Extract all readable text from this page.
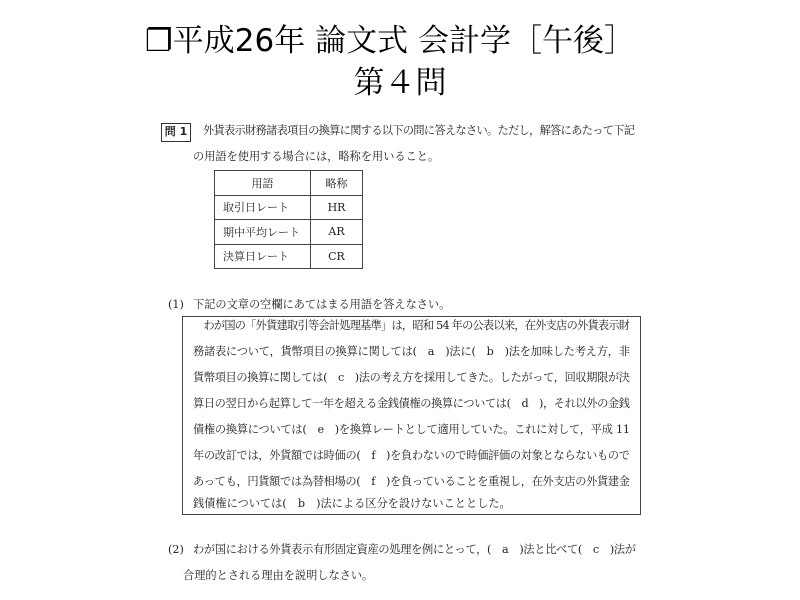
❐平成26年 論文式 会計学［午後］
第４問
問 1	外貨表示財務諸表項目の換算に関する以下の問に答えなさい。ただし，解答にあたって下記
の用語を使用する場合には，略称を用いること。
用語	略称
取引日レート	HR
期中平均レート	AR
決算日レート	CR
(1) 下記の文章の空欄にあてはまる用語を答えなさい。
　わが国の「外貨建取引等会計処理基準」は，昭和 54 年の公表以来，在外支店の外貨表示財
務諸表について，貨幣項目の換算に関しては(　a　)法に(　b　)法を加味した考え方，非
貨幣項目の換算に関しては(　c　)法の考え方を採用してきた。したがって，回収期限が決
算日の翌日から起算して一年を超える金銭債権の換算については(　d　)，それ以外の金銭
債権の換算については(　e　)を換算レートとして適用していた。これに対して，平成 11
年の改訂では，外貨額では時価の(　f　)を負わないので時価評価の対象とならないもので
あっても，円貨額では為替相場の(　f　)を負っていることを重視し，在外支店の外貨建金
銭債権については(　b　)法による区分を設けないこととした。
(2) わが国における外貨表示有形固定資産の処理を例にとって，(　a　)法と比べて(　c　)法が
合理的とされる理由を説明しなさい。
